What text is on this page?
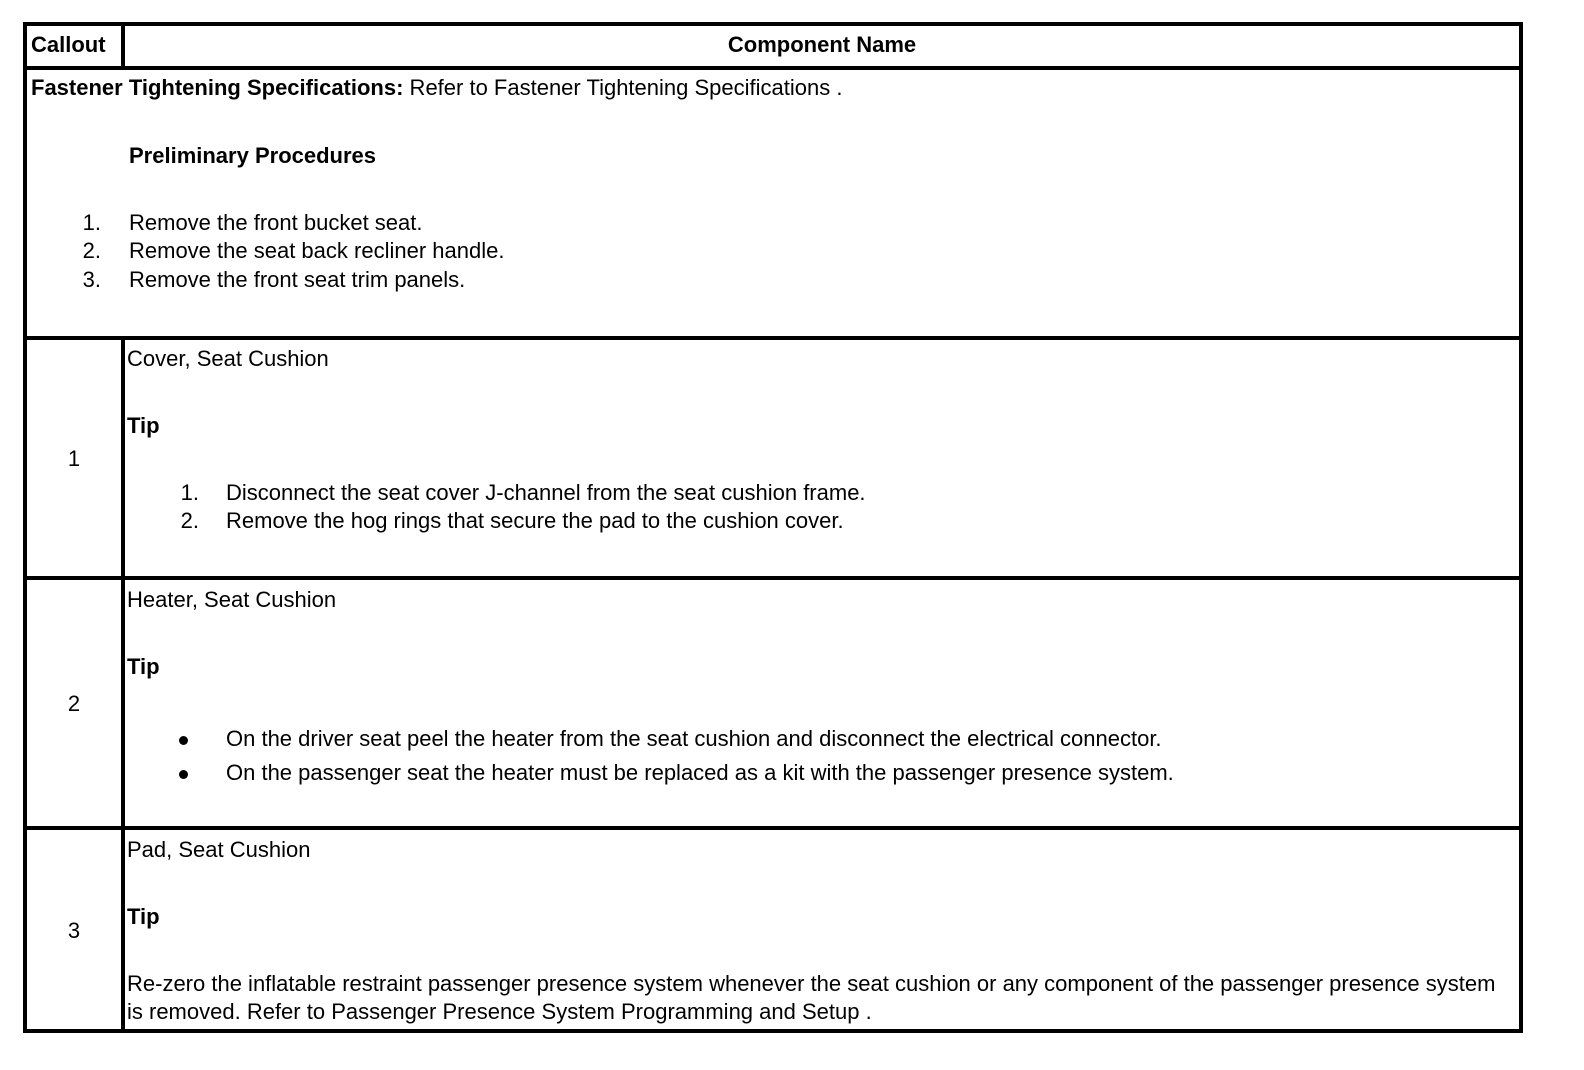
Callout	Component Name
Fastener Tightening Specifications: Refer to Fastener Tightening Specifications .
Preliminary Procedures
1. Remove the front bucket seat.
2. Remove the seat back recliner handle.
3. Remove the front seat trim panels.
1
Cover, Seat Cushion
Tip
1. Disconnect the seat cover J-channel from the seat cushion frame.
2. Remove the hog rings that secure the pad to the cushion cover.
2
Heater, Seat Cushion
Tip
On the driver seat peel the heater from the seat cushion and disconnect the electrical connector.
On the passenger seat the heater must be replaced as a kit with the passenger presence system.
3
Pad, Seat Cushion
Tip
Re-zero the inflatable restraint passenger presence system whenever the seat cushion or any component of the passenger presence system is removed. Refer to Passenger Presence System Programming and Setup .
